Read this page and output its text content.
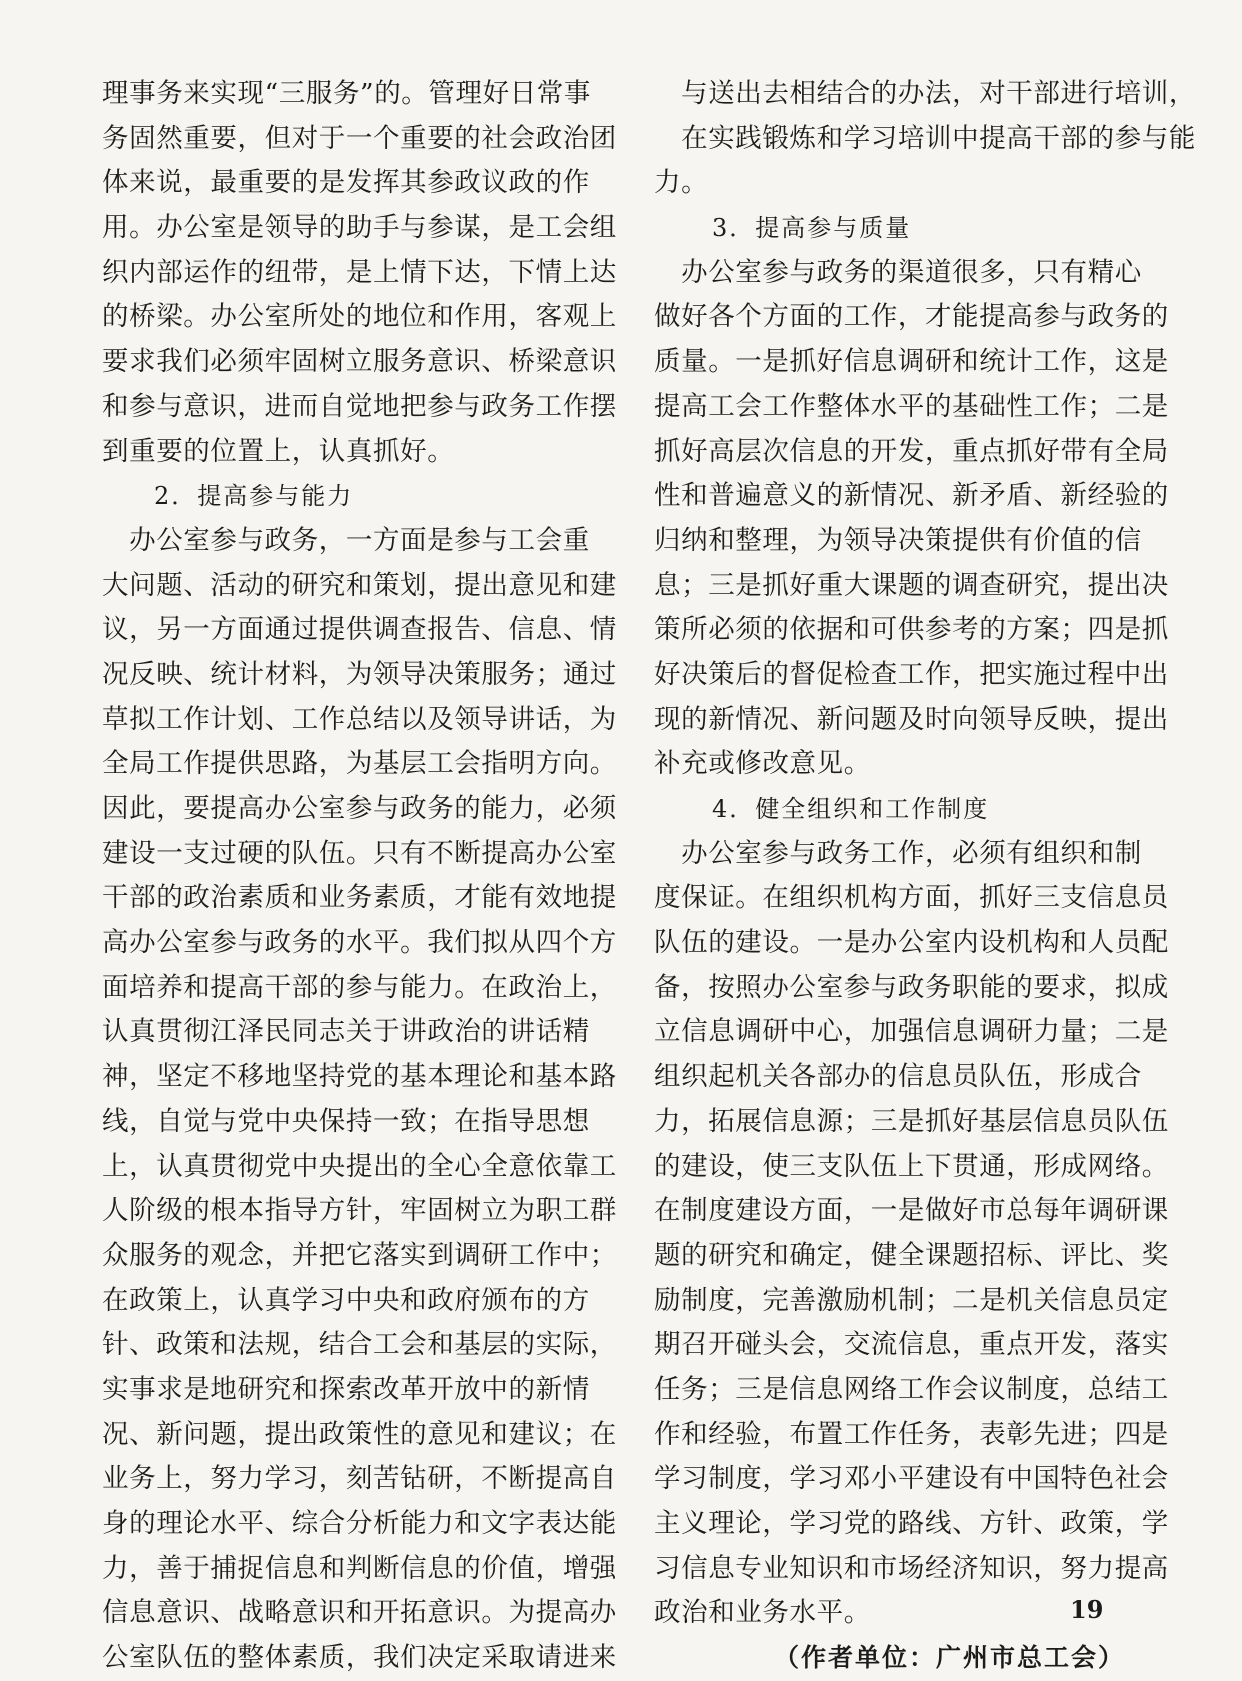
理事务来实现“三服务”的。管理好日常事
务固然重要，但对于一个重要的社会政治团
体来说，最重要的是发挥其参政议政的作
用。办公室是领导的助手与参谋，是工会组
织内部运作的纽带，是上情下达，下情上达
的桥梁。办公室所处的地位和作用，客观上
要求我们必须牢固树立服务意识、桥梁意识
和参与意识，进而自觉地把参与政务工作摆
到重要的位置上，认真抓好。
2．提高参与能力
　办公室参与政务，一方面是参与工会重
大问题、活动的研究和策划，提出意见和建
议，另一方面通过提供调查报告、信息、情
况反映、统计材料，为领导决策服务；通过
草拟工作计划、工作总结以及领导讲话，为
全局工作提供思路，为基层工会指明方向。
因此，要提高办公室参与政务的能力，必须
建设一支过硬的队伍。只有不断提高办公室
干部的政治素质和业务素质，才能有效地提
高办公室参与政务的水平。我们拟从四个方
面培养和提高干部的参与能力。在政治上，
认真贯彻江泽民同志关于讲政治的讲话精
神，坚定不移地坚持党的基本理论和基本路
线，自觉与党中央保持一致；在指导思想
上，认真贯彻党中央提出的全心全意依靠工
人阶级的根本指导方针，牢固树立为职工群
众服务的观念，并把它落实到调研工作中；
在政策上，认真学习中央和政府颁布的方
针、政策和法规，结合工会和基层的实际，
实事求是地研究和探索改革开放中的新情
况、新问题，提出政策性的意见和建议；在
业务上，努力学习，刻苦钻研，不断提高自
身的理论水平、综合分析能力和文字表达能
力，善于捕捉信息和判断信息的价值，增强
信息意识、战略意识和开拓意识。为提高办
公室队伍的整体素质，我们决定采取请进来
　与送出去相结合的办法，对干部进行培训，
　在实践锻炼和学习培训中提高干部的参与能
力。
3．提高参与质量
　办公室参与政务的渠道很多，只有精心
做好各个方面的工作，才能提高参与政务的
质量。一是抓好信息调研和统计工作，这是
提高工会工作整体水平的基础性工作；二是
抓好高层次信息的开发，重点抓好带有全局
性和普遍意义的新情况、新矛盾、新经验的
归纳和整理，为领导决策提供有价值的信
息；三是抓好重大课题的调查研究，提出决
策所必须的依据和可供参考的方案；四是抓
好决策后的督促检查工作，把实施过程中出
现的新情况、新问题及时向领导反映，提出
补充或修改意见。
4．健全组织和工作制度
　办公室参与政务工作，必须有组织和制
度保证。在组织机构方面，抓好三支信息员
队伍的建设。一是办公室内设机构和人员配
备，按照办公室参与政务职能的要求，拟成
立信息调研中心，加强信息调研力量；二是
组织起机关各部办的信息员队伍，形成合
力，拓展信息源；三是抓好基层信息员队伍
的建设，使三支队伍上下贯通，形成网络。
在制度建设方面，一是做好市总每年调研课
题的研究和确定，健全课题招标、评比、奖
励制度，完善激励机制；二是机关信息员定
期召开碰头会，交流信息，重点开发，落实
任务；三是信息网络工作会议制度，总结工
作和经验，布置工作任务，表彰先进；四是
学习制度，学习邓小平建设有中国特色社会
主义理论，学习党的路线、方针、政策，学
习信息专业知识和市场经济知识，努力提高
政治和业务水平。
（作者单位：广州市总工会）
19
